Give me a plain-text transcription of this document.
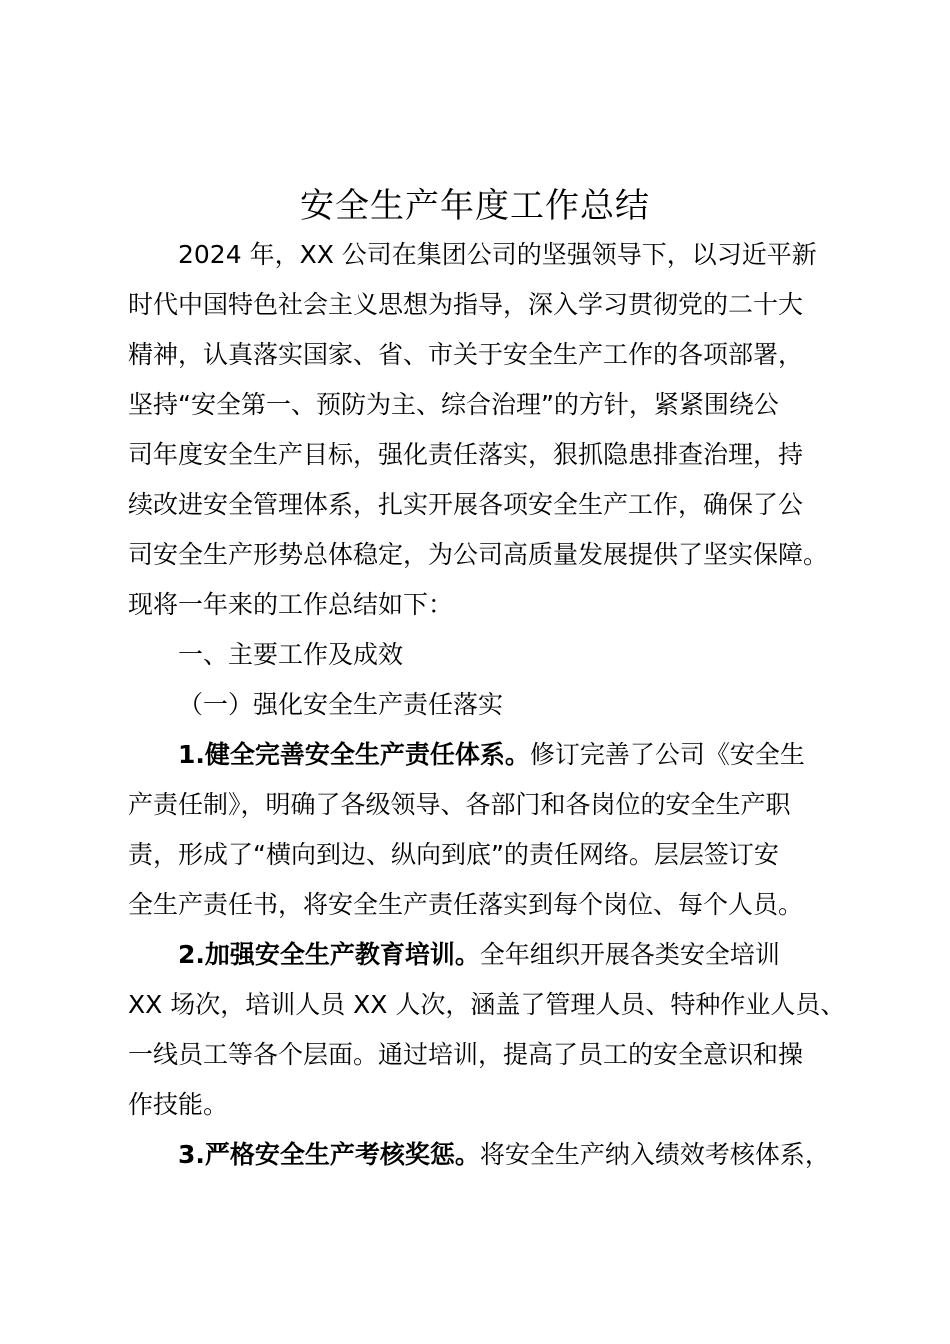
安全生产年度工作总结

2024 年，XX 公司在集团公司的坚强领导下，以习近平新
时代中国特色社会主义思想为指导，深入学习贯彻党的二十大
精神，认真落实国家、省、市关于安全生产工作的各项部署，
坚持“安全第一、预防为主、综合治理”的方针，紧紧围绕公
司年度安全生产目标，强化责任落实，狠抓隐患排查治理，持
续改进安全管理体系，扎实开展各项安全生产工作，确保了公
司安全生产形势总体稳定，为公司高质量发展提供了坚实保障。
现将一年来的工作总结如下：

一、主要工作及成效

（一）强化安全生产责任落实

1.健全完善安全生产责任体系。修订完善了公司《安全生
产责任制》，明确了各级领导、各部门和各岗位的安全生产职
责，形成了“横向到边、纵向到底”的责任网络。层层签订安
全生产责任书，将安全生产责任落实到每个岗位、每个人员。

2.加强安全生产教育培训。全年组织开展各类安全培训
XX 场次，培训人员 XX 人次，涵盖了管理人员、特种作业人员、
一线员工等各个层面。通过培训，提高了员工的安全意识和操
作技能。

3.严格安全生产考核奖惩。将安全生产纳入绩效考核体系，
